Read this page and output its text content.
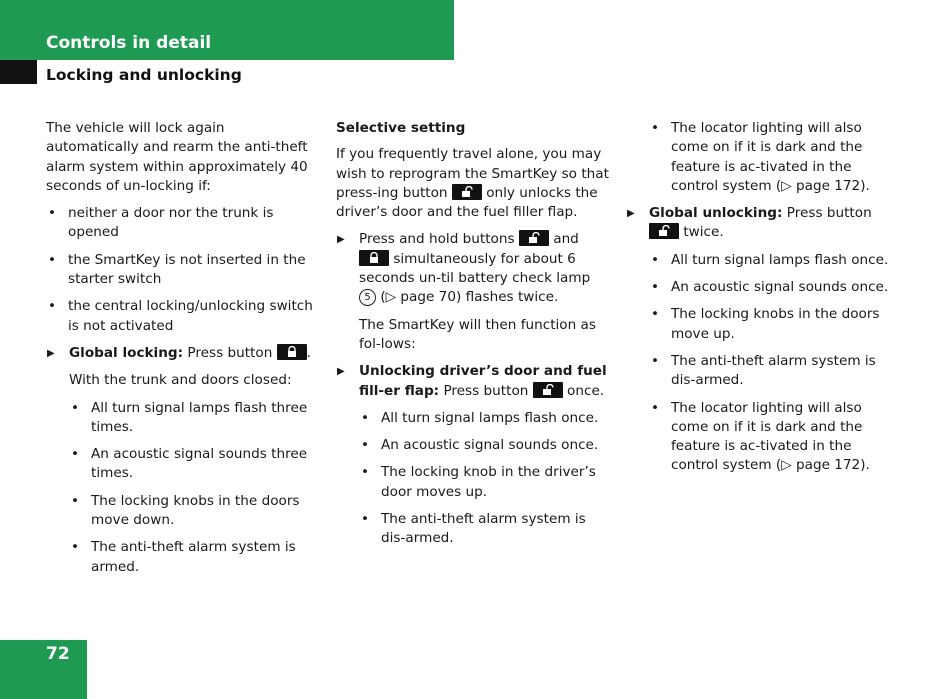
Controls in detail
Locking and unlocking

The vehicle will lock again automatically and rearm the anti-theft alarm system within approximately 40 seconds of un-locking if:

• neither a door nor the trunk is opened
• the SmartKey is not inserted in the starter switch
• the central locking/unlocking switch is not activated
▶ Global locking: Press button	.

With the trunk and doors closed:

• All turn signal lamps flash three times.
• An acoustic signal sounds three times.
• The locking knobs in the doors move down.
• The anti-theft alarm system is armed.

Selective setting

If you frequently travel alone, you may wish to reprogram the SmartKey so that press-ing button	only unlocks the driver’s door and the fuel filler flap.

▶ Press and hold buttons	and
simultaneously for about 6 seconds un-til battery check lamp 5 (▷ page 70) flashes twice.

The SmartKey will then function as fol-lows:

▶ Unlocking driver’s door and fuel fill-er flap: Press button	once.
• All turn signal lamps flash once.
• An acoustic signal sounds once.
• The locking knob in the driver’s door moves up.
• The anti-theft alarm system is dis-armed.
• The locator lighting will also come on if it is dark and the feature is ac-tivated in the control system (▷ page 172).
▶ Global unlocking: Press button
twice.
• All turn signal lamps flash once.
• An acoustic signal sounds once.
• The locking knobs in the doors move up.
• The anti-theft alarm system is dis-armed.
• The locator lighting will also come on if it is dark and the feature is ac-tivated in the control system (▷ page 172).
72
